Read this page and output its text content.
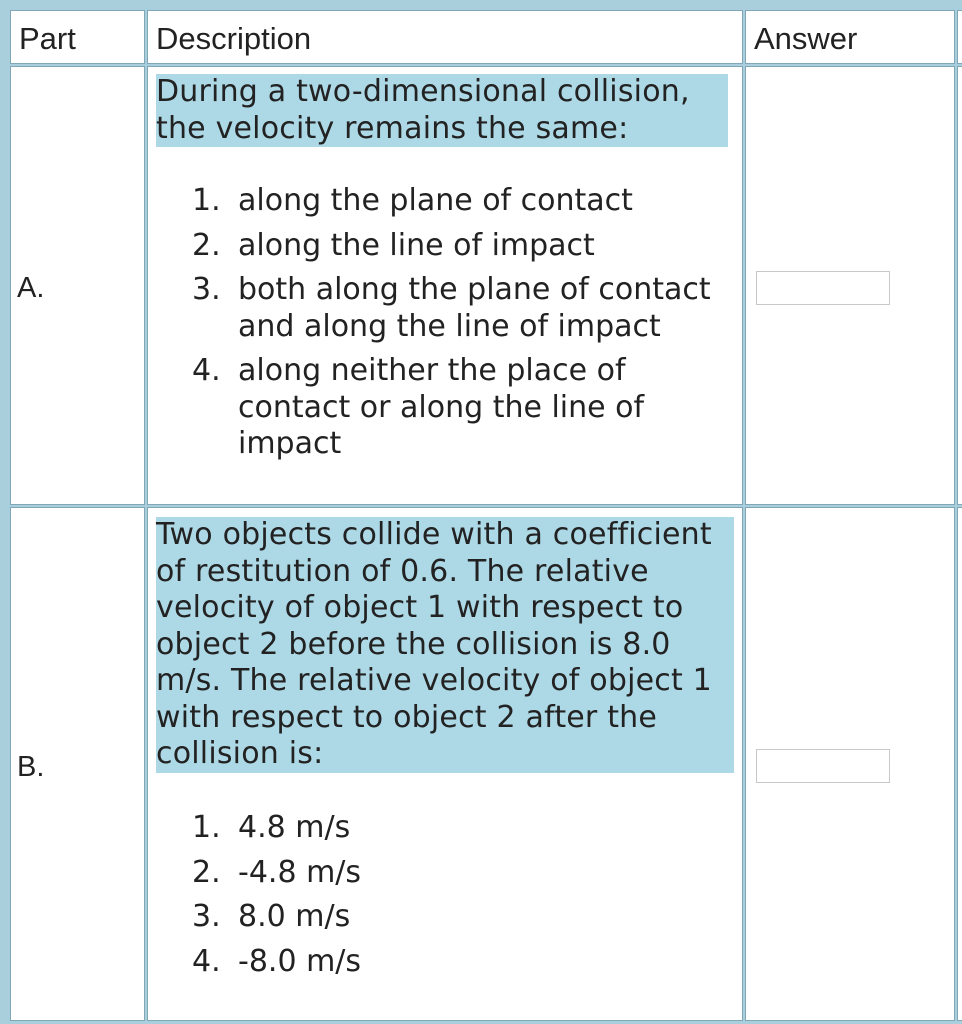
Part	Description	Answer
A.
During a two-dimensional collision,
the velocity remains the same:
along the plane of contact
along the line of impact
both along the plane of contact and along the line of impact
along neither the place of contact or along the line of impact
B.
Two objects collide with a coefficient
of restitution of 0.6. The relative
velocity of object 1 with respect to
object 2 before the collision is 8.0
m/s. The relative velocity of object 1
with respect to object 2 after the
collision is:
4.8 m/s
-4.8 m/s
8.0 m/s
-8.0 m/s
